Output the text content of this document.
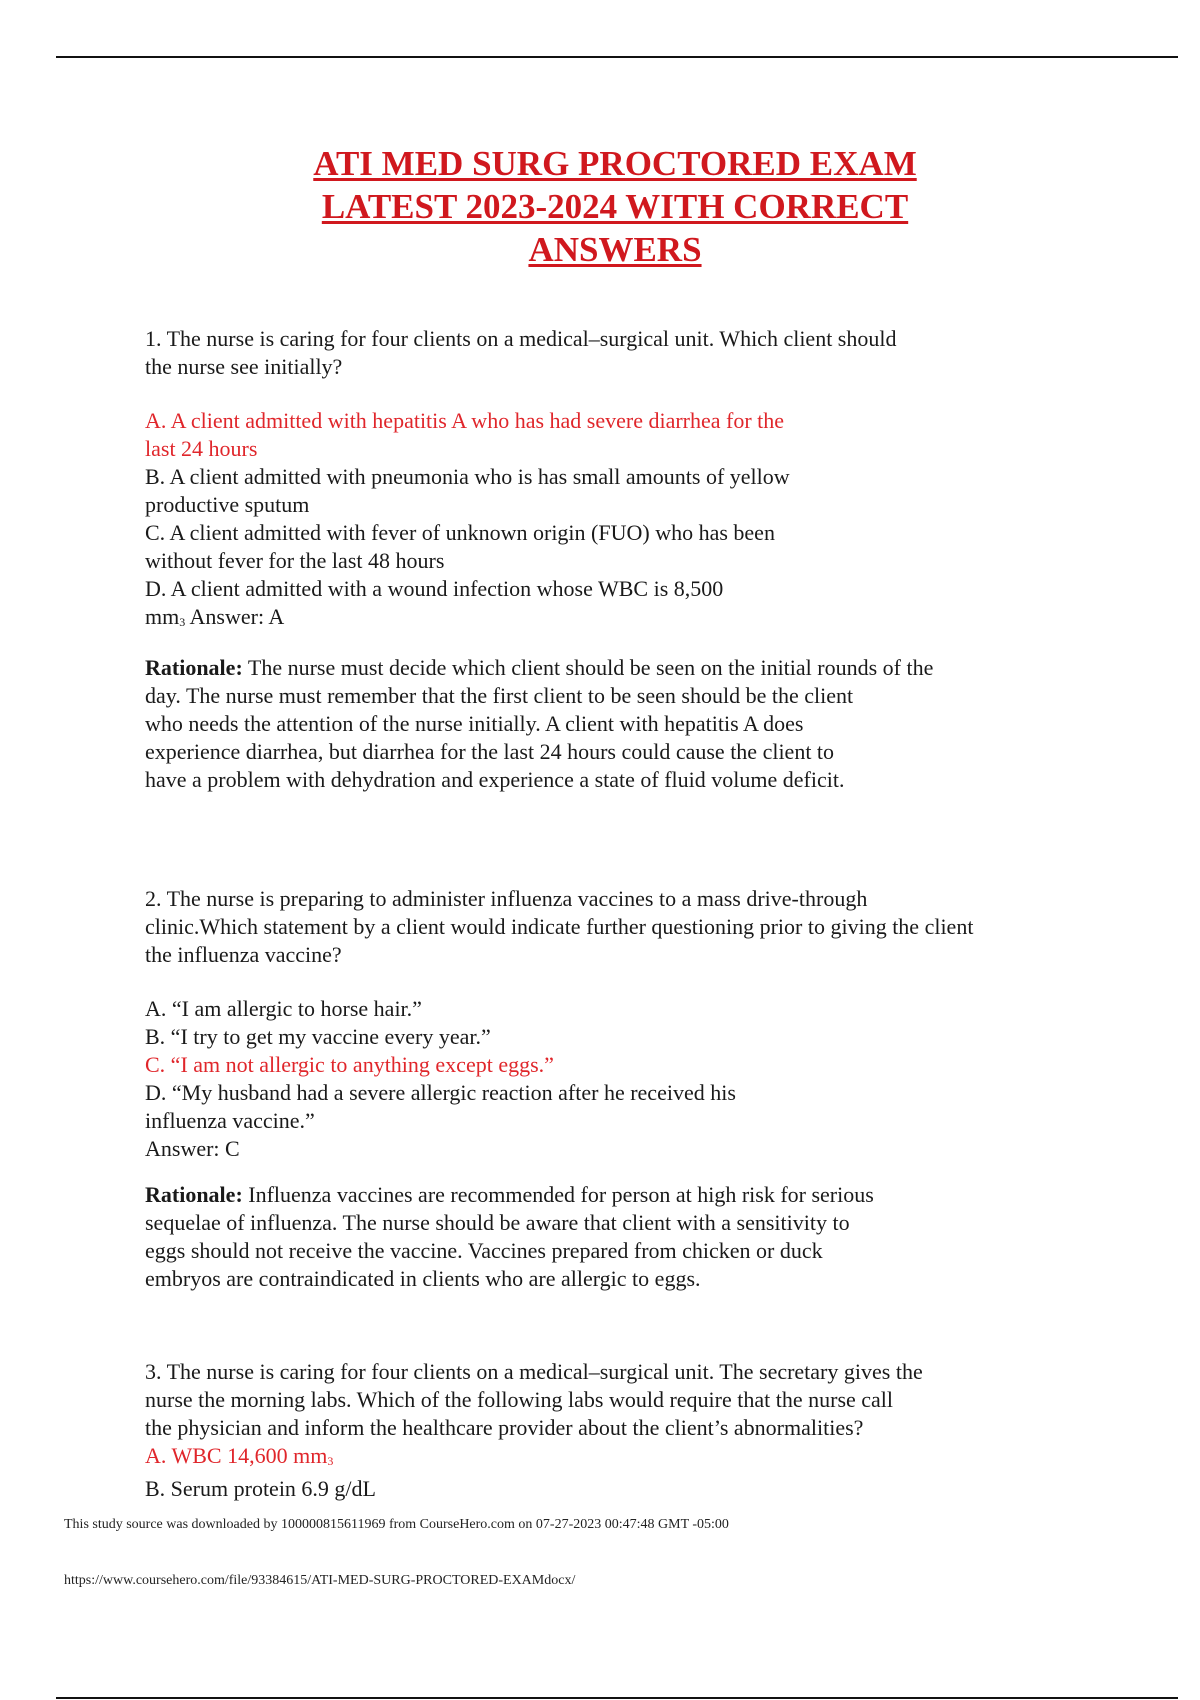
ATI MED SURG PROCTORED EXAM
LATEST 2023-2024 WITH CORRECT
ANSWERS

1. The nurse is caring for four clients on a medical–surgical unit. Which client should

the nurse see initially?

A. A client admitted with hepatitis A who has had severe diarrhea for the

last 24 hours

B. A client admitted with pneumonia who is has small amounts of yellow

productive sputum

C. A client admitted with fever of unknown origin (FUO) who has been

without fever for the last 48 hours

D. A client admitted with a wound infection whose WBC is 8,500

mm3 Answer: A

Rationale: The nurse must decide which client should be seen on the initial rounds of the

day. The nurse must remember that the first client to be seen should be the client

who needs the attention of the nurse initially. A client with hepatitis A does

experience diarrhea, but diarrhea for the last 24 hours could cause the client to

have a problem with dehydration and experience a state of fluid volume deficit.

2. The nurse is preparing to administer influenza vaccines to a mass drive-through

clinic.Which statement by a client would indicate further questioning prior to giving the client

the influenza vaccine?

A. “I am allergic to horse hair.”

B. “I try to get my vaccine every year.”

C. “I am not allergic to anything except eggs.”

D. “My husband had a severe allergic reaction after he received his

influenza vaccine.”

Answer: C

Rationale: Influenza vaccines are recommended for person at high risk for serious

sequelae of influenza. The nurse should be aware that client with a sensitivity to

eggs should not receive the vaccine. Vaccines prepared from chicken or duck

embryos are contraindicated in clients who are allergic to eggs.

3. The nurse is caring for four clients on a medical–surgical unit. The secretary gives the

nurse the morning labs. Which of the following labs would require that the nurse call

the physician and inform the healthcare provider about the client’s abnormalities?

A. WBC 14,600 mm3

B. Serum protein 6.9 g/dL

This study source was downloaded by 100000815611969 from CourseHero.com on 07-27-2023 00:47:48 GMT -05:00
https://www.coursehero.com/file/93384615/ATI-MED-SURG-PROCTORED-EXAMdocx/
